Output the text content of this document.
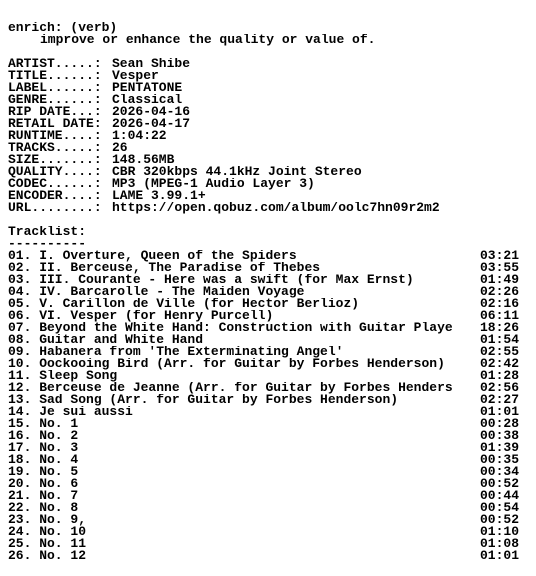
enrich: (verb)
improve or enhance the quality or value of.
ARTIST.....: Sean Shibe
TITLE......: Vesper
LABEL......: PENTATONE
GENRE......: Classical
RIP DATE...: 2026-04-16
RETAIL DATE: 2026-04-17
RUNTIME....: 1:04:22
TRACKS.....: 26
SIZE.......: 148.56MB
QUALITY....: CBR 320kbps 44.1kHz Joint Stereo
CODEC......: MP3 (MPEG-1 Audio Layer 3)
ENCODER....: LAME 3.99.1+
URL........: https://open.qobuz.com/album/oolc7hn09r2m2
Tracklist:
----------
01. I. Overture, Queen of the Spiders	03:21
02. II. Berceuse, The Paradise of Thebes	03:55
03. III. Courante - Here was a swift (for Max Ernst)	01:49
04. IV. Barcarolle - The Maiden Voyage	02:26
05. V. Carillon de Ville (for Hector Berlioz)	02:16
06. VI. Vesper (for Henry Purcell)	06:11
07. Beyond the White Hand: Construction with Guitar Playe	18:26
08. Guitar and White Hand	01:54
09. Habanera from 'The Exterminating Angel'	02:55
10. Oockooing Bird (Arr. for Guitar by Forbes Henderson)	02:42
11. Sleep Song	01:28
12. Berceuse de Jeanne (Arr. for Guitar by Forbes Henders	02:56
13. Sad Song (Arr. for Guitar by Forbes Henderson)	02:27
14. Je sui aussi	01:01
15. No. 1	00:28
16. No. 2	00:38
17. No. 3	01:39
18. No. 4	00:35
19. No. 5	00:34
20. No. 6	00:52
21. No. 7	00:44
22. No. 8	00:54
23. No. 9,	00:52
24. No. 10	01:10
25. No. 11	01:08
26. No. 12	01:01
